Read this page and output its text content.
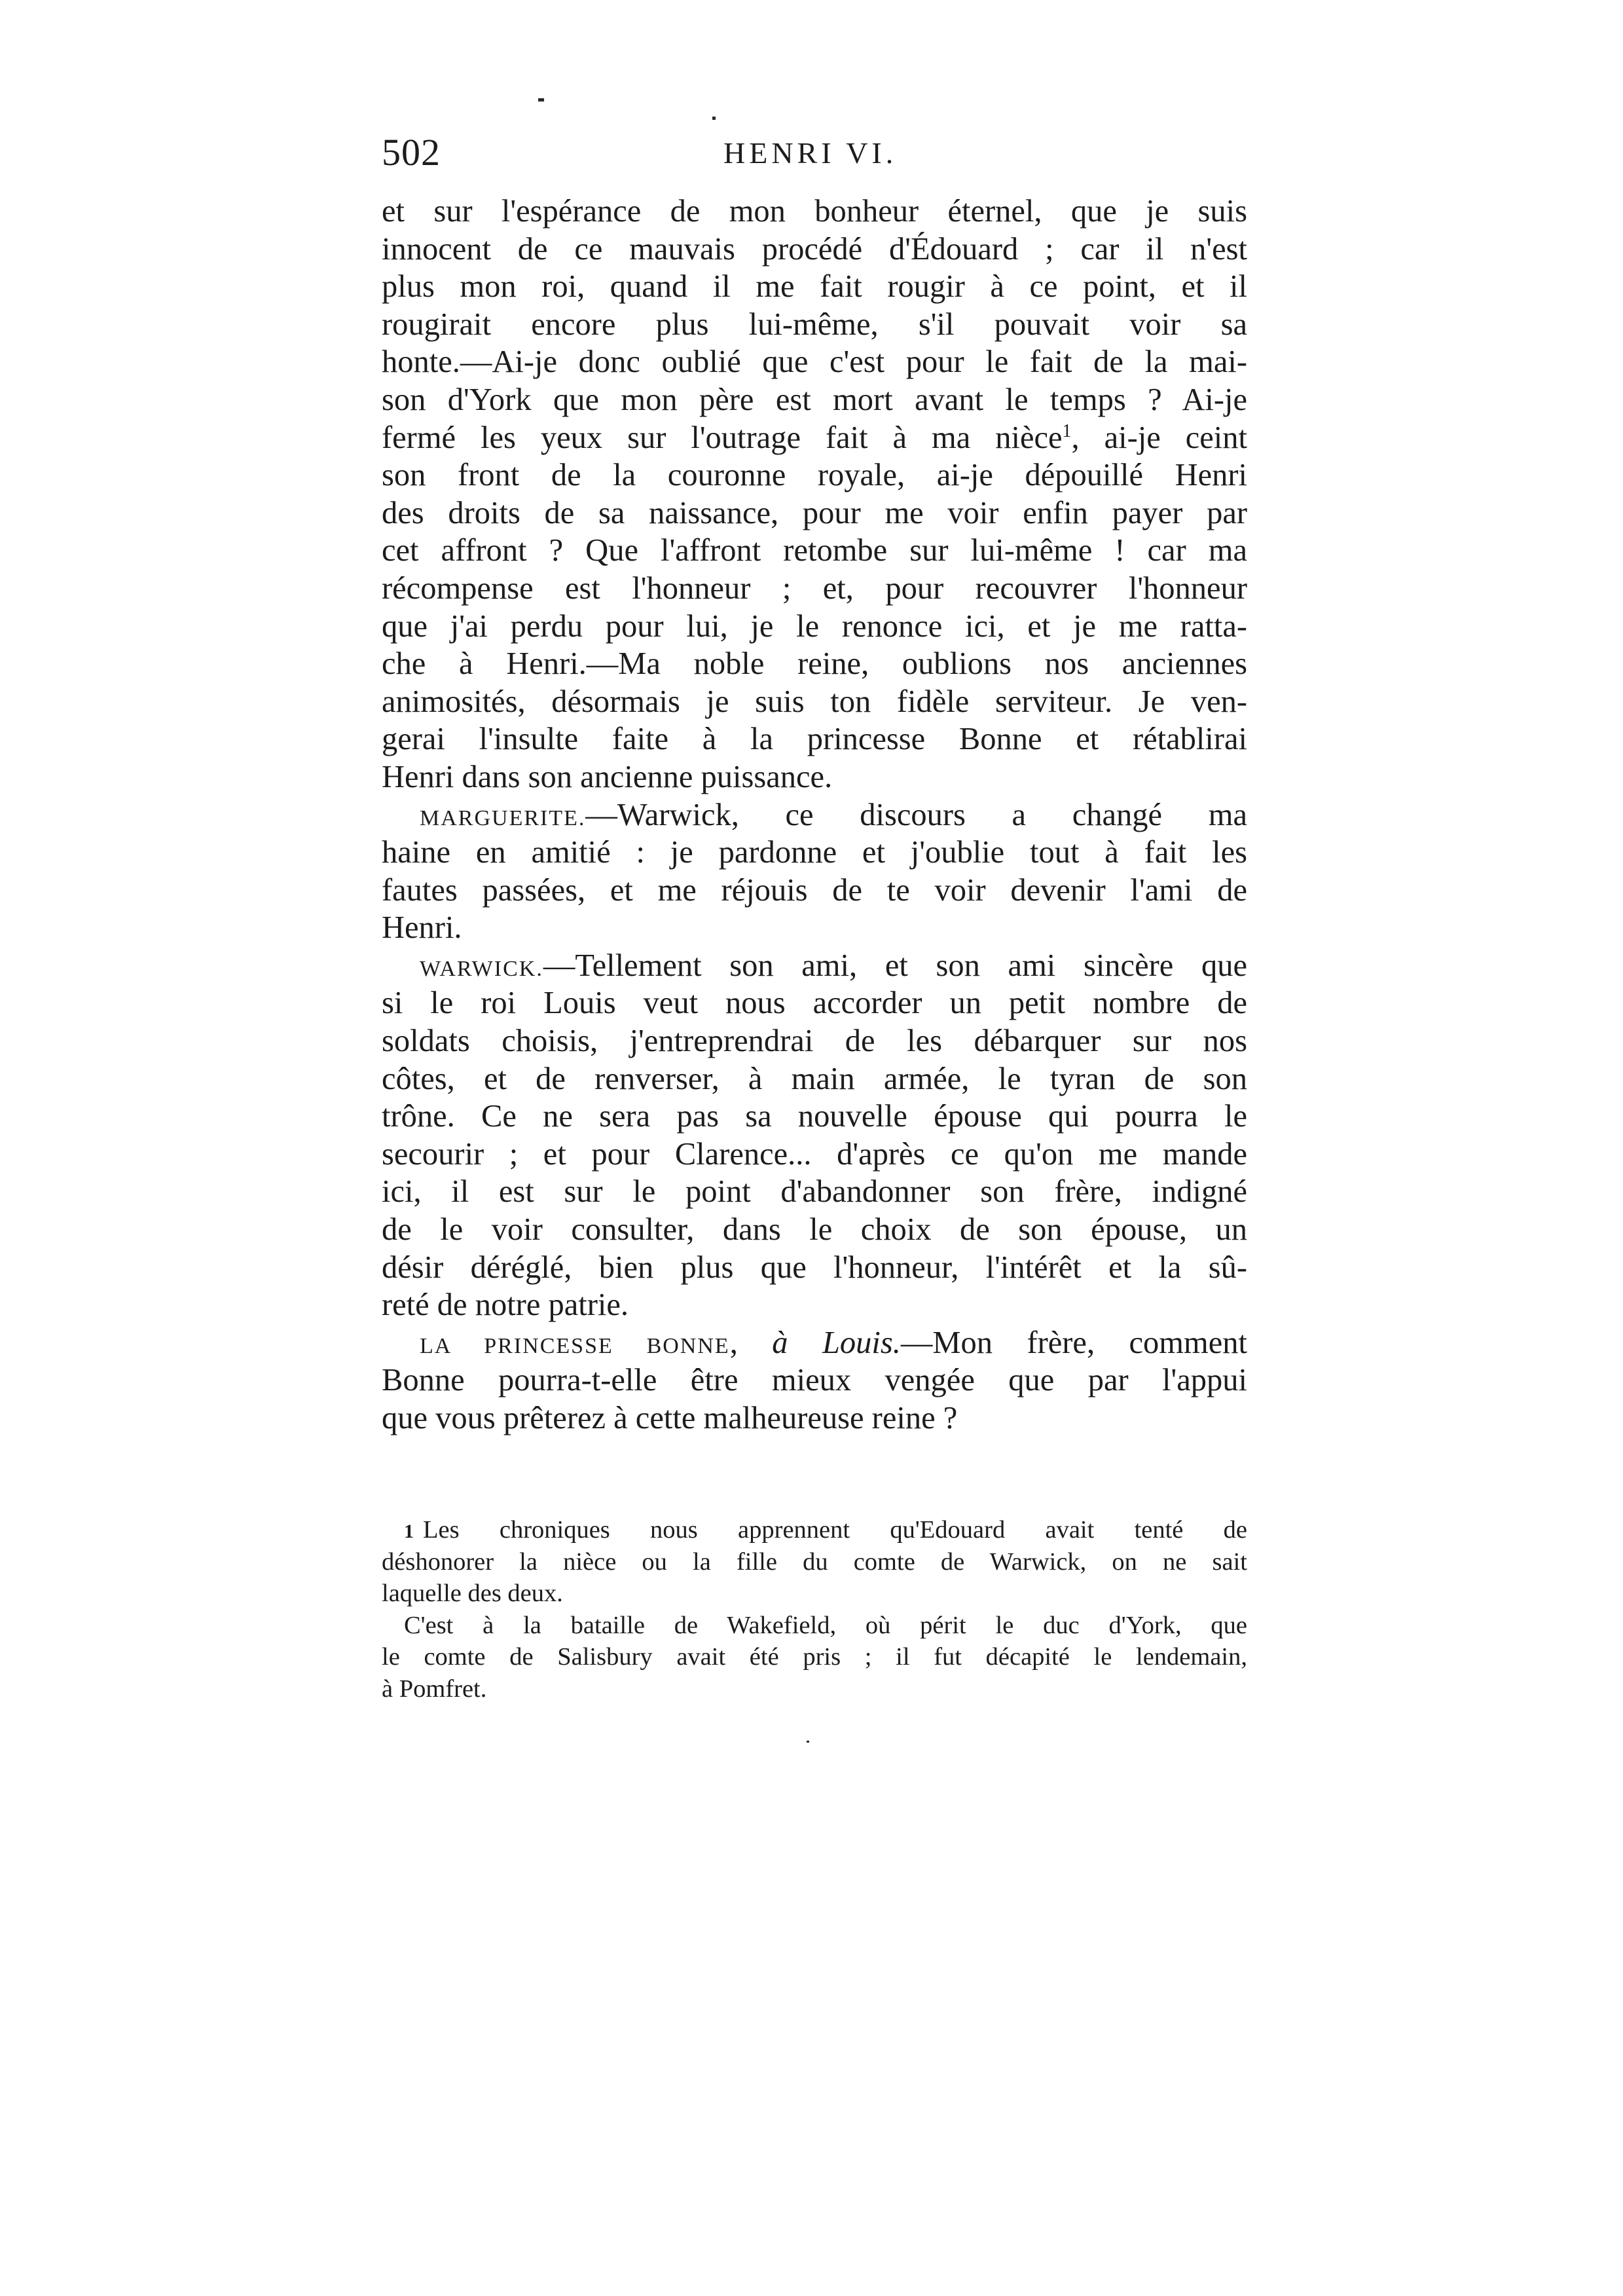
502	HENRI VI.
et sur l'espérance de mon bonheur éternel, que je suis
innocent de ce mauvais procédé d'Édouard ; car il n'est
plus mon roi, quand il me fait rougir à ce point, et il
rougirait encore plus lui-même, s'il pouvait voir sa
honte.—Ai-je donc oublié que c'est pour le fait de la mai-
son d'York que mon père est mort avant le temps ? Ai-je
fermé les yeux sur l'outrage fait à ma nièce$^1$, ai-je ceint
son front de la couronne royale, ai-je dépouillé Henri
des droits de sa naissance, pour me voir enfin payer par
cet affront ? Que l'affront retombe sur lui-même ! car ma
récompense est l'honneur ; et, pour recouvrer l'honneur
que j'ai perdu pour lui, je le renonce ici, et je me ratta-
che à Henri.—Ma noble reine, oublions nos anciennes
animosités, désormais je suis ton fidèle serviteur. Je ven-
gerai l'insulte faite à la princesse Bonne et rétablirai
Henri dans son ancienne puissance.
MARGUERITE.—Warwick, ce discours a changé ma
haine en amitié : je pardonne et j'oublie tout à fait les
fautes passées, et me réjouis de te voir devenir l'ami de
Henri.
WARWICK.—Tellement son ami, et son ami sincère que
si le roi Louis veut nous accorder un petit nombre de
soldats choisis, j'entreprendrai de les débarquer sur nos
côtes, et de renverser, à main armée, le tyran de son
trône. Ce ne sera pas sa nouvelle épouse qui pourra le
secourir ; et pour Clarence... d'après ce qu'on me mande
ici, il est sur le point d'abandonner son frère, indigné
de le voir consulter, dans le choix de son épouse, un
désir déréglé, bien plus que l'honneur, l'intérêt et la sû-
reté de notre patrie.
LA PRINCESSE BONNE, à Louis.—Mon frère, comment
Bonne pourra-t-elle être mieux vengée que par l'appui
que vous prêterez à cette malheureuse reine ?
1 Les chroniques nous apprennent qu'Edouard avait tenté de
déshonorer la nièce ou la fille du comte de Warwick, on ne sait
laquelle des deux.
C'est à la bataille de Wakefield, où périt le duc d'York, que
le comte de Salisbury avait été pris ; il fut décapité le lendemain,
à Pomfret.
